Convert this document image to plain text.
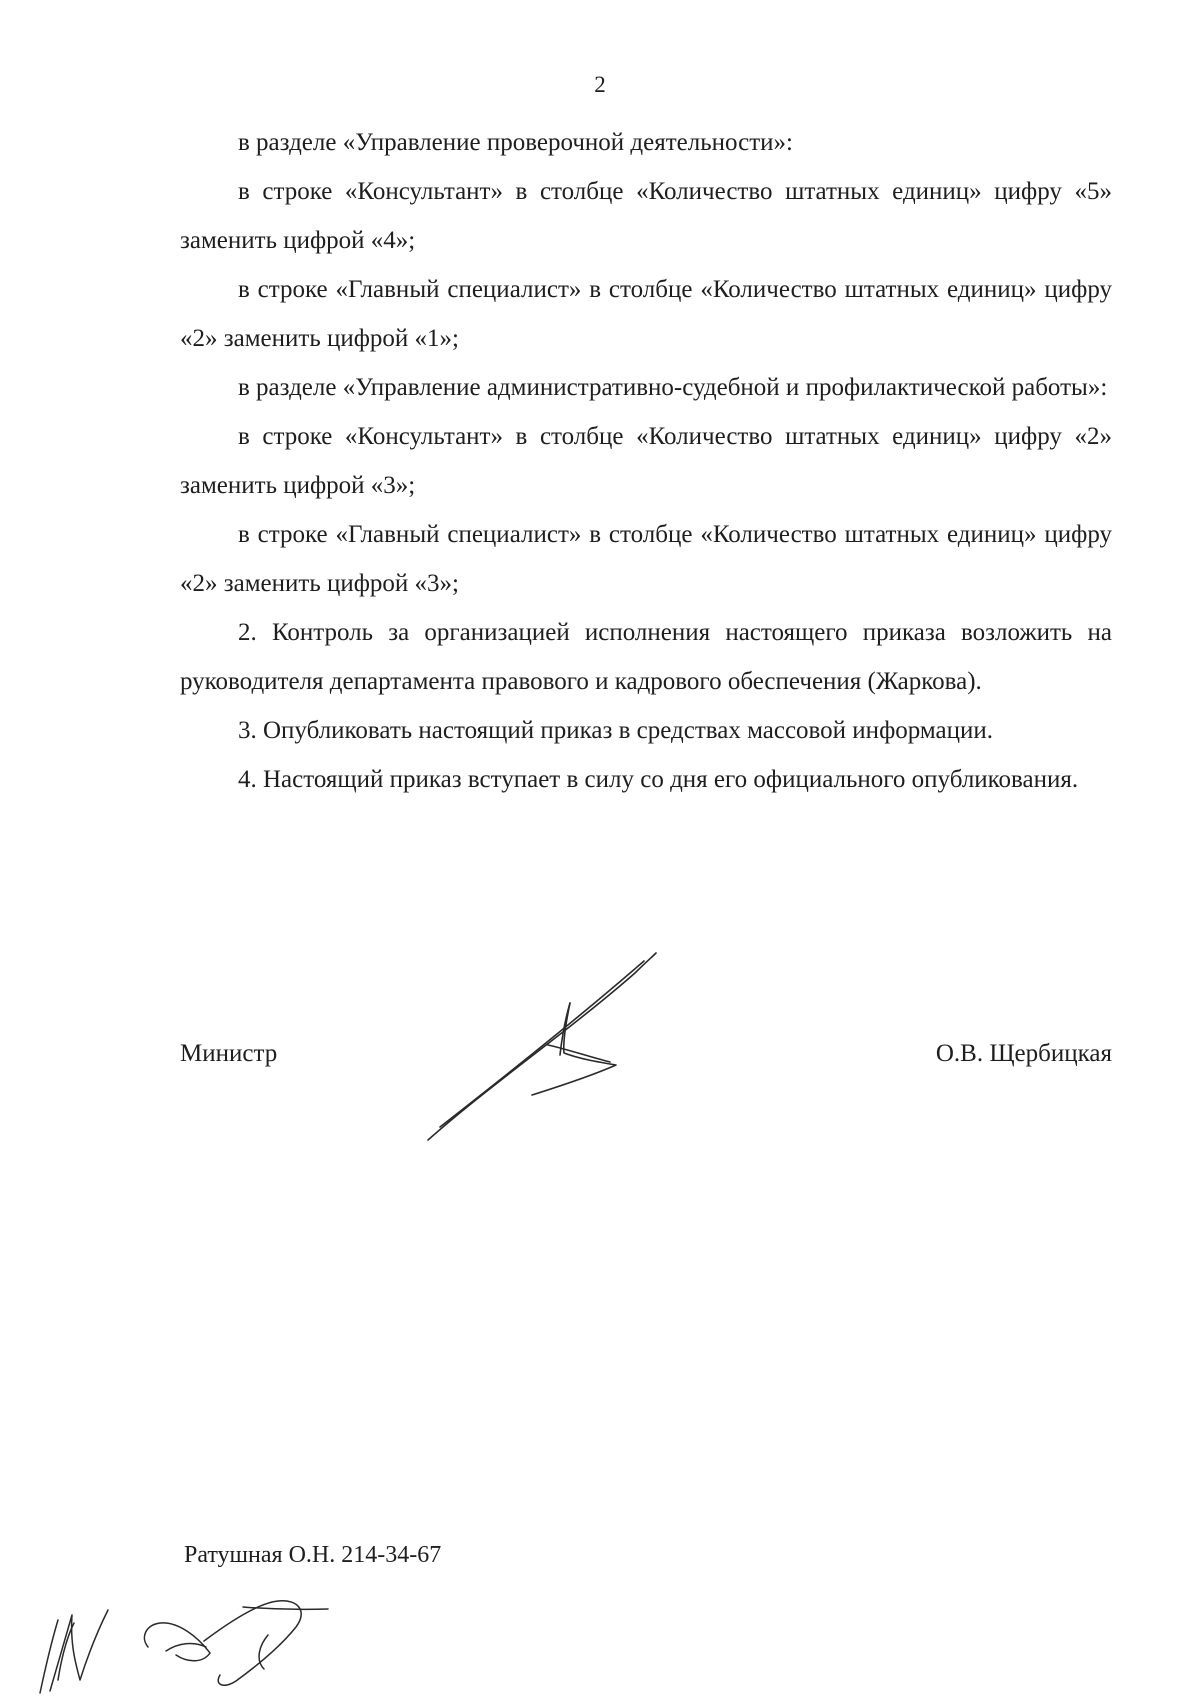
2

в разделе «Управление проверочной деятельности»:

в строке «Консультант» в столбце «Количество штатных единиц» цифру «5» заменить цифрой «4»;

в строке «Главный специалист» в столбце «Количество штатных единиц» цифру «2» заменить цифрой «1»;

в разделе «Управление административно-судебной и профилактической работы»:

в строке «Консультант» в столбце «Количество штатных единиц» цифру «2» заменить цифрой «3»;

в строке «Главный специалист» в столбце «Количество штатных единиц» цифру «2» заменить цифрой «3»;

2. Контроль за организацией исполнения настоящего приказа возложить на руководителя департамента правового и кадрового обеспечения (Жаркова).

3. Опубликовать настоящий приказ в средствах массовой информации.

4. Настоящий приказ вступает в силу со дня его официального опубликования.

Министр	О.В. Щербицкая
Ратушная О.Н. 214-34-67
